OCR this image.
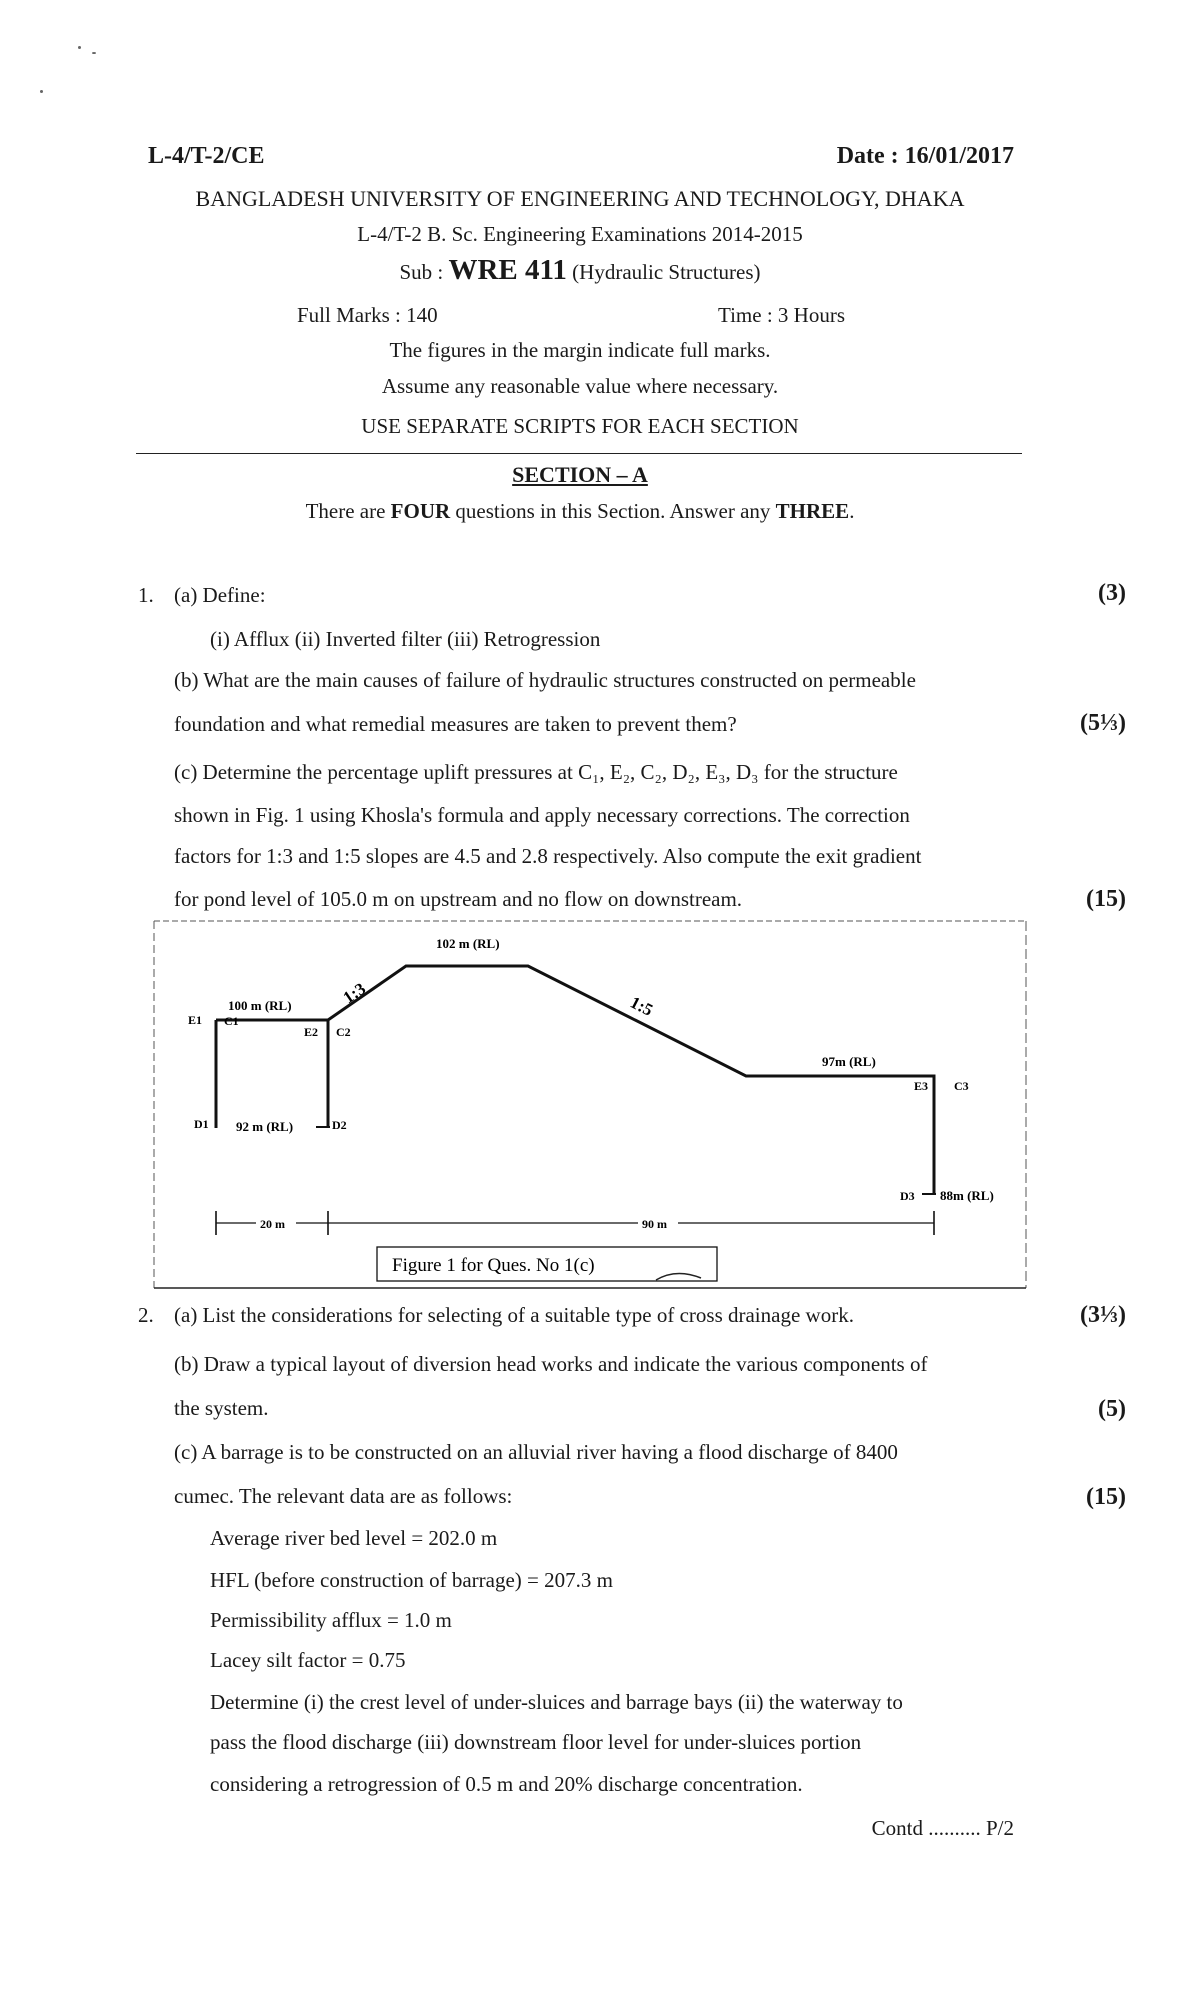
L-4/T-2/CE	Date : 16/01/2017
BANGLADESH UNIVERSITY OF ENGINEERING AND TECHNOLOGY, DHAKA
L-4/T-2 B. Sc. Engineering Examinations 2014-2015
Sub : WRE 411 (Hydraulic Structures)
Full Marks : 140	Time : 3 Hours
The figures in the margin indicate full marks.
Assume any reasonable value where necessary.
USE SEPARATE SCRIPTS FOR EACH SECTION
SECTION – A
There are FOUR questions in this Section. Answer any THREE.
1. (a) Define:	(3)
(i) Afflux (ii) Inverted filter (iii) Retrogression
(b) What are the main causes of failure of hydraulic structures constructed on permeable
foundation and what remedial measures are taken to prevent them?	(5⅓)
(c) Determine the percentage uplift pressures at C₁, E₂, C₂, D₂, E₃, D₃ for the structure
shown in Fig. 1 using Khosla's formula and apply necessary corrections. The correction
factors for 1:3 and 1:5 slopes are 4.5 and 2.8 respectively. Also compute the exit gradient
for pond level of 105.0 m on upstream and no flow on downstream.	(15)
102 m (RL)
100 m (RL)
97m (RL)
92 m (RL)
88m (RL)
1:3	1:5
E1 C1
E2 C2
D1	D2
E3 C3
D3
20 m	90 m
Figure 1 for Ques. No 1(c)
2. (a) List the considerations for selecting of a suitable type of cross drainage work.	(3⅓)
(b) Draw a typical layout of diversion head works and indicate the various components of
the system.	(5)
(c) A barrage is to be constructed on an alluvial river having a flood discharge of 8400
cumec. The relevant data are as follows:	(15)
Average river bed level = 202.0 m
HFL (before construction of barrage) = 207.3 m
Permissibility afflux = 1.0 m
Lacey silt factor = 0.75
Determine (i) the crest level of under-sluices and barrage bays (ii) the waterway to
pass the flood discharge (iii) downstream floor level for under-sluices portion
considering a retrogression of 0.5 m and 20% discharge concentration.
Contd .......... P/2
